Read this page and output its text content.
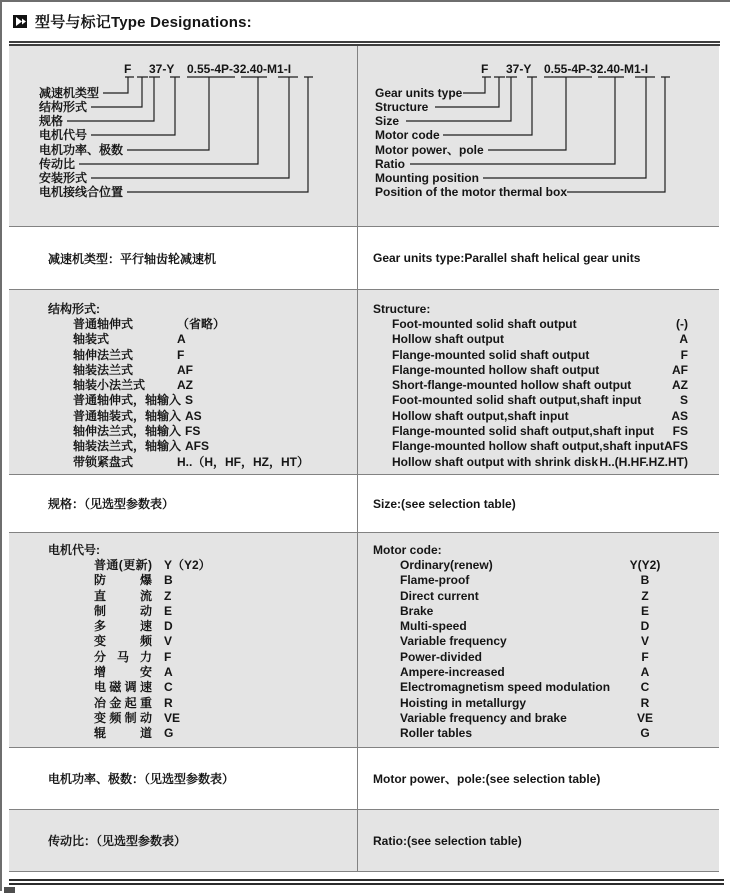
型号与标记Type Designations:
F 37-Y 0.55-4P-32.40-M1-I
减速机类型
结构形式
规格
电机代号
电机功率、极数
传动比
安装形式
电机接线合位置
F 37-Y 0.55-4P-32.40-M1-I
Gear units type
Structure
Size
Motor code
Motor power、pole
Ratio
Mounting position
Position of the motor thermal box
减速机类型：平行轴齿轮减速机	Gear units type:Parallel shaft helical gear units
结构形式:
普通轴伸式	（省略）
轴装式	A
轴伸法兰式	F
轴装法兰式	AF
轴装小法兰式	AZ
普通轴伸式，轴输入 S
普通轴装式，轴输入 AS
轴伸法兰式，轴输入 FS
轴装法兰式，轴输入 AFS
带锁紧盘式	H..（H，HF，HZ，HT）
Structure:
Foot-mounted solid shaft output	(-)
Hollow shaft output	A
Flange-mounted solid shaft output	F
Flange-mounted hollow shaft output	AF
Short-flange-mounted hollow shaft output	AZ
Foot-mounted solid shaft output,shaft input	S
Hollow shaft output,shaft input	AS
Flange-mounted solid shaft output,shaft input FS
Flange-mounted hollow shaft output,shaft input AFS
Hollow shaft output with shrink disk H..(H.HF.HZ.HT)
规格：（见选型参数表）	Size:(see selection table)
电机代号:
普通(更新) Y（Y2）
防爆 B
直流 Z
制动 E
多速 D
变频 V
分马力 F
增安 A
电磁调速 C
冶金起重 R
变频制动 VE
辊道 G
Motor code:
Ordinary(renew)	Y(Y2)
Flame-proof	B
Direct current	Z
Brake	E
Multi-speed	D
Variable frequency	V
Power-divided	F
Ampere-increased	A
Electromagnetism speed modulation	C
Hoisting in metallurgy	R
Variable frequency and brake	VE
Roller tables	G
电机功率、极数：（见选型参数表）	Motor power、pole:(see selection table)
传动比：（见选型参数表）	Ratio:(see selection table)
